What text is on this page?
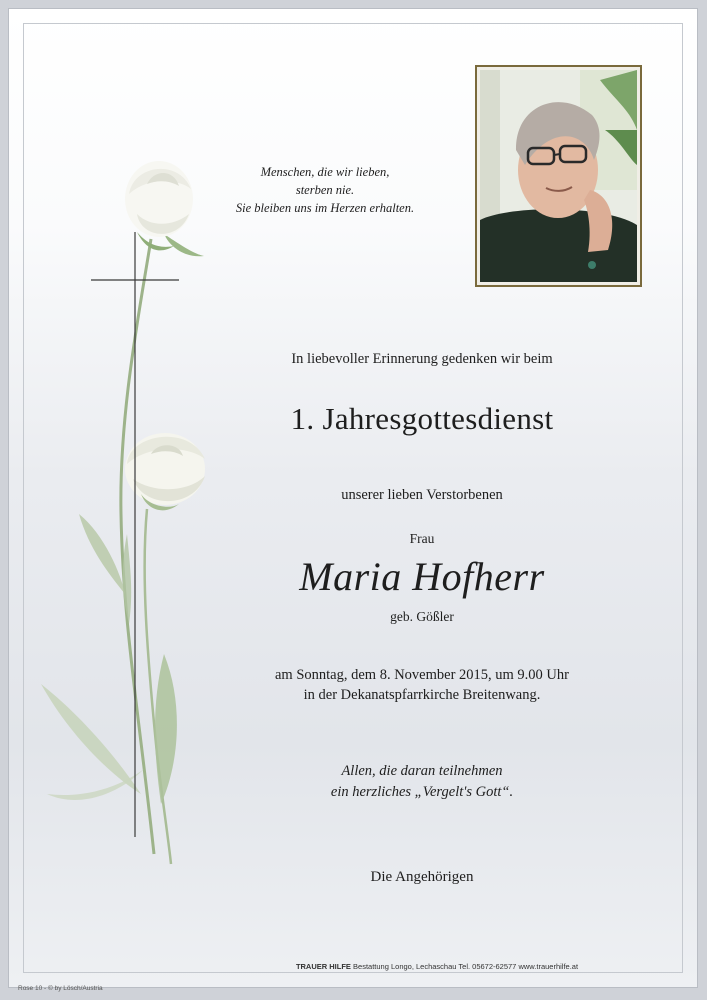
Menschen, die wir lieben,
sterben nie.
Sie bleiben uns im Herzen erhalten.
In liebevoller Erinnerung gedenken wir beim
1. Jahresgottesdienst
unserer lieben Verstorbenen
Frau
Maria Hofherr
geb. Gößler
am Sonntag, dem 8. November 2015, um 9.00 Uhr
in der Dekanatspfarrkirche Breitenwang.
Allen, die daran teilnehmen
ein herzliches „Vergelt's Gott“.
Die Angehörigen
TRAUER HILFE Bestattung Longo, Lechaschau Tel. 05672-62577 www.trauerhilfe.at
Rose 10 - © by Lösch/Austria
